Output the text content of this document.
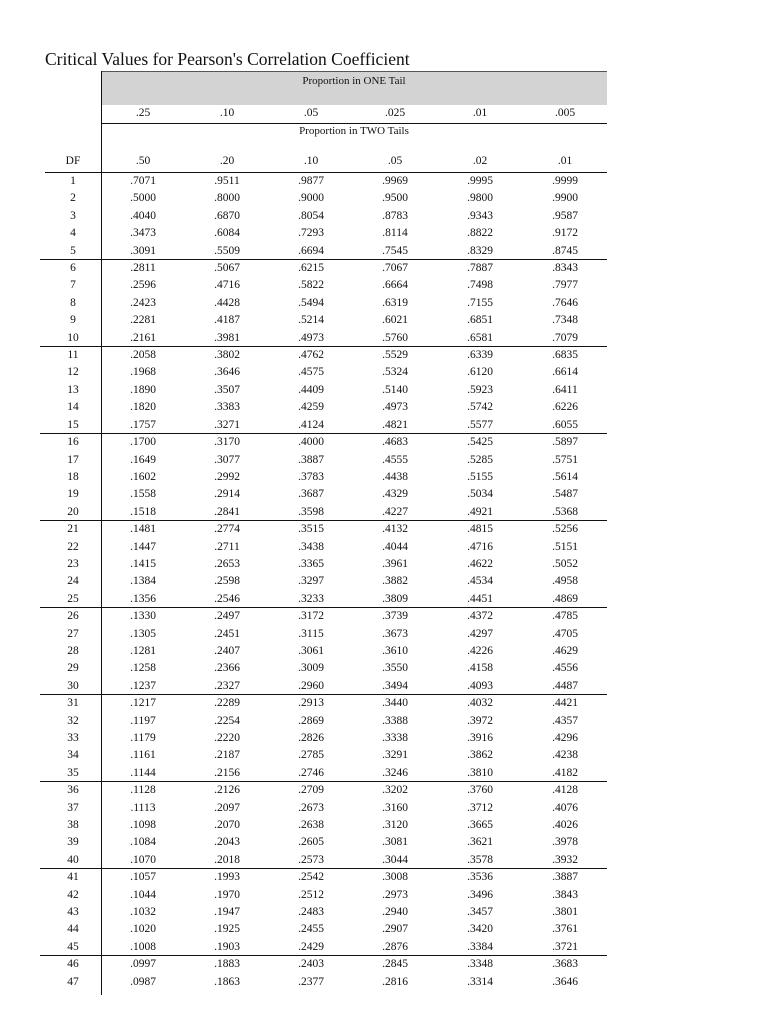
Critical Values for Pearson's Correlation Coefficient
Proportion in ONE Tail
.25	.10	.05	.025	.01	.005
Proportion in TWO Tails
DF	.50	.20	.10	.05	.02	.01
1	.7071	.9511	.9877	.9969	.9995	.9999
2	.5000	.8000	.9000	.9500	.9800	.9900
3	.4040	.6870	.8054	.8783	.9343	.9587
4	.3473	.6084	.7293	.8114	.8822	.9172
5	.3091	.5509	.6694	.7545	.8329	.8745
6	.2811	.5067	.6215	.7067	.7887	.8343
7	.2596	.4716	.5822	.6664	.7498	.7977
8	.2423	.4428	.5494	.6319	.7155	.7646
9	.2281	.4187	.5214	.6021	.6851	.7348
10	.2161	.3981	.4973	.5760	.6581	.7079
11	.2058	.3802	.4762	.5529	.6339	.6835
12	.1968	.3646	.4575	.5324	.6120	.6614
13	.1890	.3507	.4409	.5140	.5923	.6411
14	.1820	.3383	.4259	.4973	.5742	.6226
15	.1757	.3271	.4124	.4821	.5577	.6055
16	.1700	.3170	.4000	.4683	.5425	.5897
17	.1649	.3077	.3887	.4555	.5285	.5751
18	.1602	.2992	.3783	.4438	.5155	.5614
19	.1558	.2914	.3687	.4329	.5034	.5487
20	.1518	.2841	.3598	.4227	.4921	.5368
21	.1481	.2774	.3515	.4132	.4815	.5256
22	.1447	.2711	.3438	.4044	.4716	.5151
23	.1415	.2653	.3365	.3961	.4622	.5052
24	.1384	.2598	.3297	.3882	.4534	.4958
25	.1356	.2546	.3233	.3809	.4451	.4869
26	.1330	.2497	.3172	.3739	.4372	.4785
27	.1305	.2451	.3115	.3673	.4297	.4705
28	.1281	.2407	.3061	.3610	.4226	.4629
29	.1258	.2366	.3009	.3550	.4158	.4556
30	.1237	.2327	.2960	.3494	.4093	.4487
31	.1217	.2289	.2913	.3440	.4032	.4421
32	.1197	.2254	.2869	.3388	.3972	.4357
33	.1179	.2220	.2826	.3338	.3916	.4296
34	.1161	.2187	.2785	.3291	.3862	.4238
35	.1144	.2156	.2746	.3246	.3810	.4182
36	.1128	.2126	.2709	.3202	.3760	.4128
37	.1113	.2097	.2673	.3160	.3712	.4076
38	.1098	.2070	.2638	.3120	.3665	.4026
39	.1084	.2043	.2605	.3081	.3621	.3978
40	.1070	.2018	.2573	.3044	.3578	.3932
41	.1057	.1993	.2542	.3008	.3536	.3887
42	.1044	.1970	.2512	.2973	.3496	.3843
43	.1032	.1947	.2483	.2940	.3457	.3801
44	.1020	.1925	.2455	.2907	.3420	.3761
45	.1008	.1903	.2429	.2876	.3384	.3721
46	.0997	.1883	.2403	.2845	.3348	.3683
47	.0987	.1863	.2377	.2816	.3314	.3646
